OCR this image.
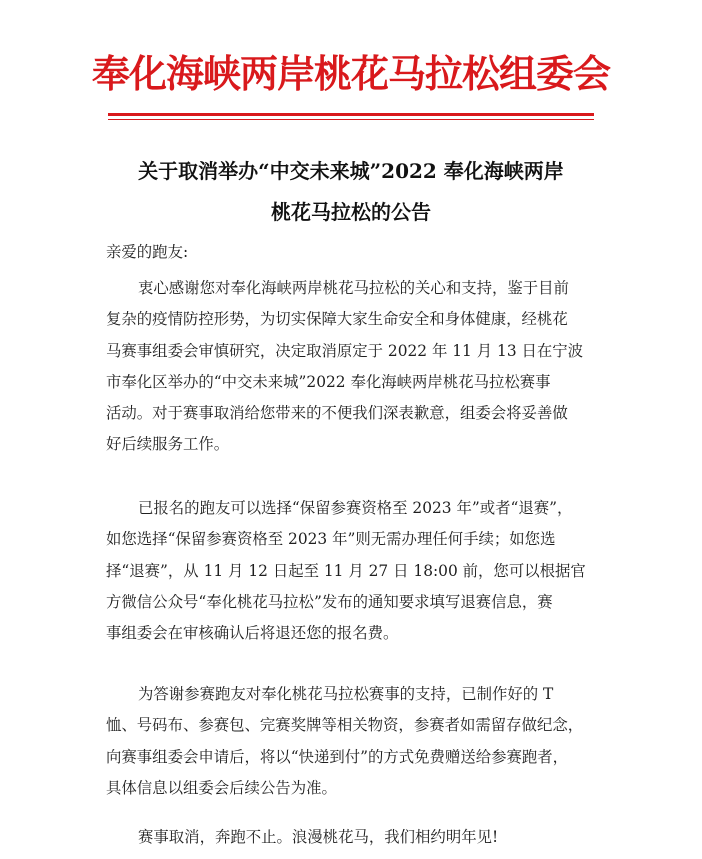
奉化海峡两岸桃花马拉松组委会
关于取消举办“中交未来城”2022 奉化海峡两岸
桃花马拉松的公告
亲爱的跑友:
衷心感谢您对奉化海峡两岸桃花马拉松的关心和支持，鉴于目前
复杂的疫情防控形势，为切实保障大家生命安全和身体健康，经桃花
马赛事组委会审慎研究，决定取消原定于 2022 年 11 月 13 日在宁波
市奉化区举办的“中交未来城”2022 奉化海峡两岸桃花马拉松赛事
活动。对于赛事取消给您带来的不便我们深表歉意，组委会将妥善做
好后续服务工作。
已报名的跑友可以选择“保留参赛资格至 2023 年”或者“退赛”，
如您选择“保留参赛资格至 2023 年”则无需办理任何手续；如您选
择“退赛”，从 11 月 12 日起至 11 月 27 日 18:00 前，您可以根据官
方微信公众号“奉化桃花马拉松”发布的通知要求填写退赛信息，赛
事组委会在审核确认后将退还您的报名费。
为答谢参赛跑友对奉化桃花马拉松赛事的支持，已制作好的 T
恤、号码布、参赛包、完赛奖牌等相关物资，参赛者如需留存做纪念，
向赛事组委会申请后，将以“快递到付”的方式免费赠送给参赛跑者，
具体信息以组委会后续公告为准。
赛事取消，奔跑不止。浪漫桃花马，我们相约明年见!
